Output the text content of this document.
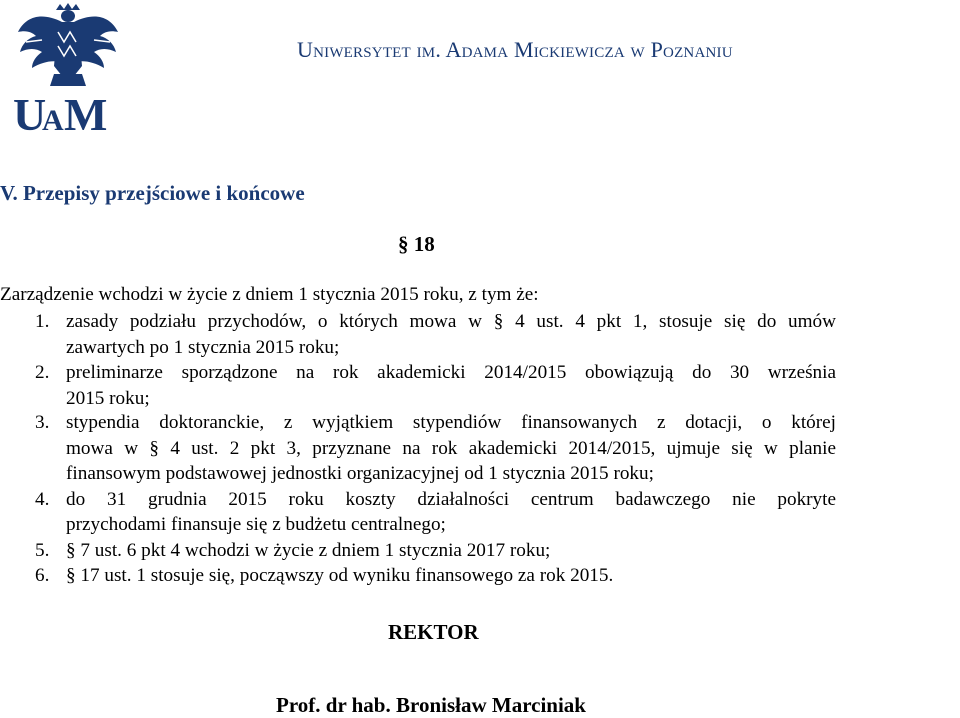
U A M
Uniwersytet im. Adama Mickiewicza w Poznaniu
V. Przepisy przejściowe i końcowe
§ 18
Zarządzenie wchodzi w życie z dniem 1 stycznia 2015 roku, z tym że:
1. zasady podziału przychodów, o których mowa w § 4 ust. 4 pkt 1, stosuje się do umów
zawartych po 1 stycznia 2015 roku;
2. preliminarze sporządzone na rok akademicki 2014/2015 obowiązują do 30 września
2015 roku;
3. stypendia doktoranckie, z wyjątkiem stypendiów finansowanych z dotacji, o której
mowa w § 4 ust. 2 pkt 3, przyznane na rok akademicki 2014/2015, ujmuje się w planie
finansowym podstawowej jednostki organizacyjnej od 1 stycznia 2015 roku;
4. do 31 grudnia 2015 roku koszty działalności centrum badawczego nie pokryte
przychodami finansuje się z budżetu centralnego;
5. § 7 ust. 6 pkt 4 wchodzi w życie z dniem 1 stycznia 2017 roku;
6. § 17 ust. 1 stosuje się, począwszy od wyniku finansowego za rok 2015.
REKTOR
Prof. dr hab. Bronisław Marciniak
